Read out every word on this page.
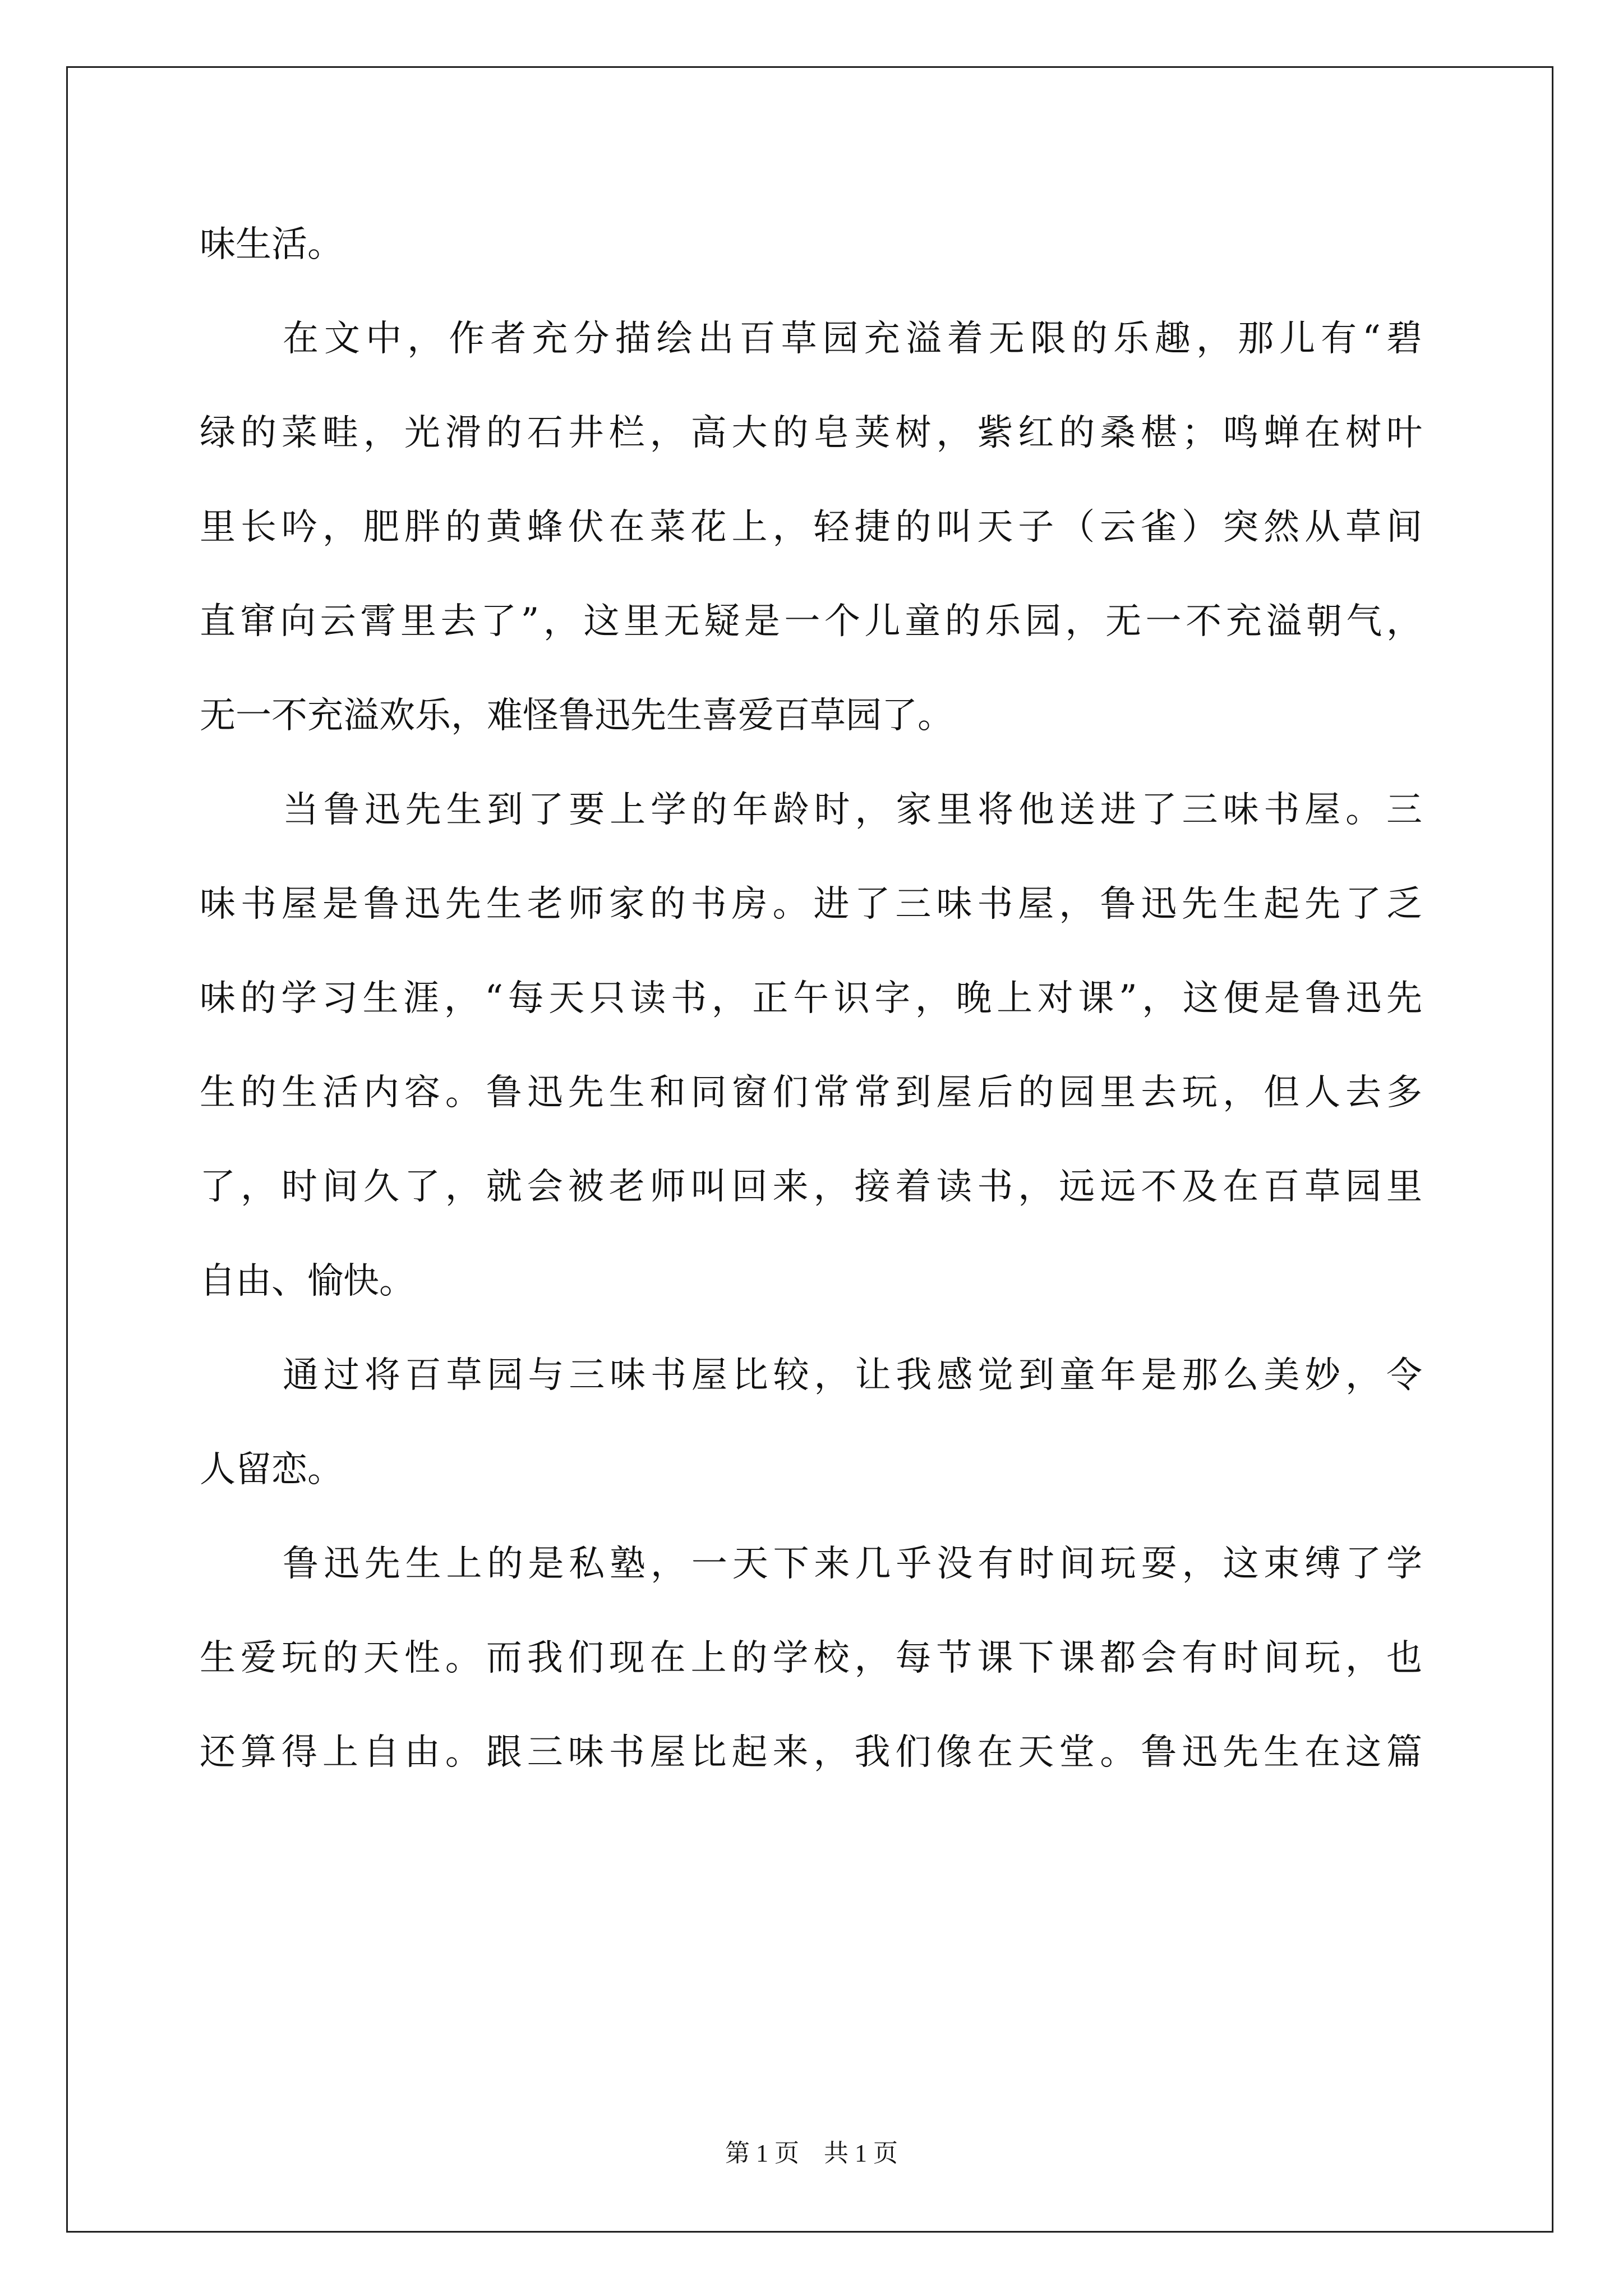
味生活。
在文中，作者充分描绘出百草园充溢着无限的乐趣，那儿有“碧
绿的菜畦，光滑的石井栏，高大的皂荚树，紫红的桑椹；鸣蝉在树叶
里长吟，肥胖的黄蜂伏在菜花上，轻捷的叫天子（云雀）突然从草间
直窜向云霄里去了”，这里无疑是一个儿童的乐园，无一不充溢朝气，
无一不充溢欢乐，难怪鲁迅先生喜爱百草园了。
当鲁迅先生到了要上学的年龄时，家里将他送进了三味书屋。三
味书屋是鲁迅先生老师家的书房。进了三味书屋，鲁迅先生起先了乏
味的学习生涯，“每天只读书，正午识字，晚上对课”，这便是鲁迅先
生的生活内容。鲁迅先生和同窗们常常到屋后的园里去玩，但人去多
了，时间久了，就会被老师叫回来，接着读书，远远不及在百草园里
自由、愉快。
通过将百草园与三味书屋比较，让我感觉到童年是那么美妙，令
人留恋。
鲁迅先生上的是私塾，一天下来几乎没有时间玩耍，这束缚了学
生爱玩的天性。而我们现在上的学校，每节课下课都会有时间玩，也
还算得上自由。跟三味书屋比起来，我们像在天堂。鲁迅先生在这篇
第 1 页 共 1 页
